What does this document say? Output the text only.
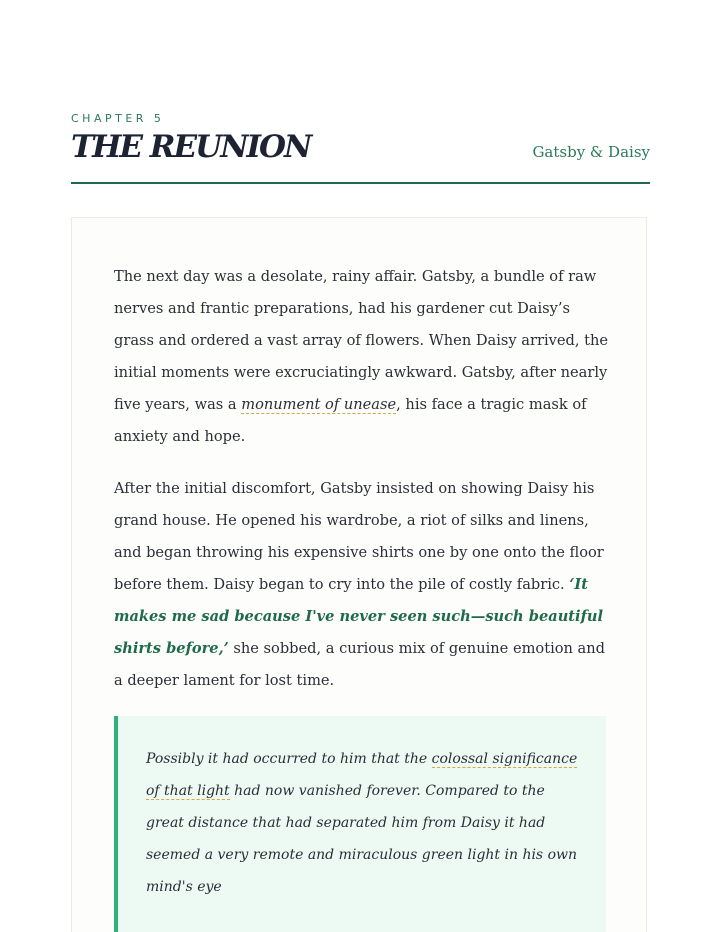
CHAPTER 5
THE REUNION	Gatsby & Daisy

The next day was a desolate, rainy affair. Gatsby, a bundle of raw nerves and frantic preparations, had his gardener cut Daisy’s grass and ordered a vast array of flowers. When Daisy arrived, the initial moments were excruciatingly awkward. Gatsby, after nearly five years, was a monument of unease, his face a tragic mask of anxiety and hope.

After the initial discomfort, Gatsby insisted on showing Daisy his grand house. He opened his wardrobe, a riot of silks and linens, and began throwing his expensive shirts one by one onto the floor before them. Daisy began to cry into the pile of costly fabric. ‘It makes me sad because I've never seen such—such beautiful shirts before,’ she sobbed, a curious mix of genuine emotion and a deeper lament for lost time.

Possibly it had occurred to him that the colossal significance of that light had now vanished forever. Compared to the great distance that had separated him from Daisy it had seemed a very remote and miraculous green light in his own mind's eye
